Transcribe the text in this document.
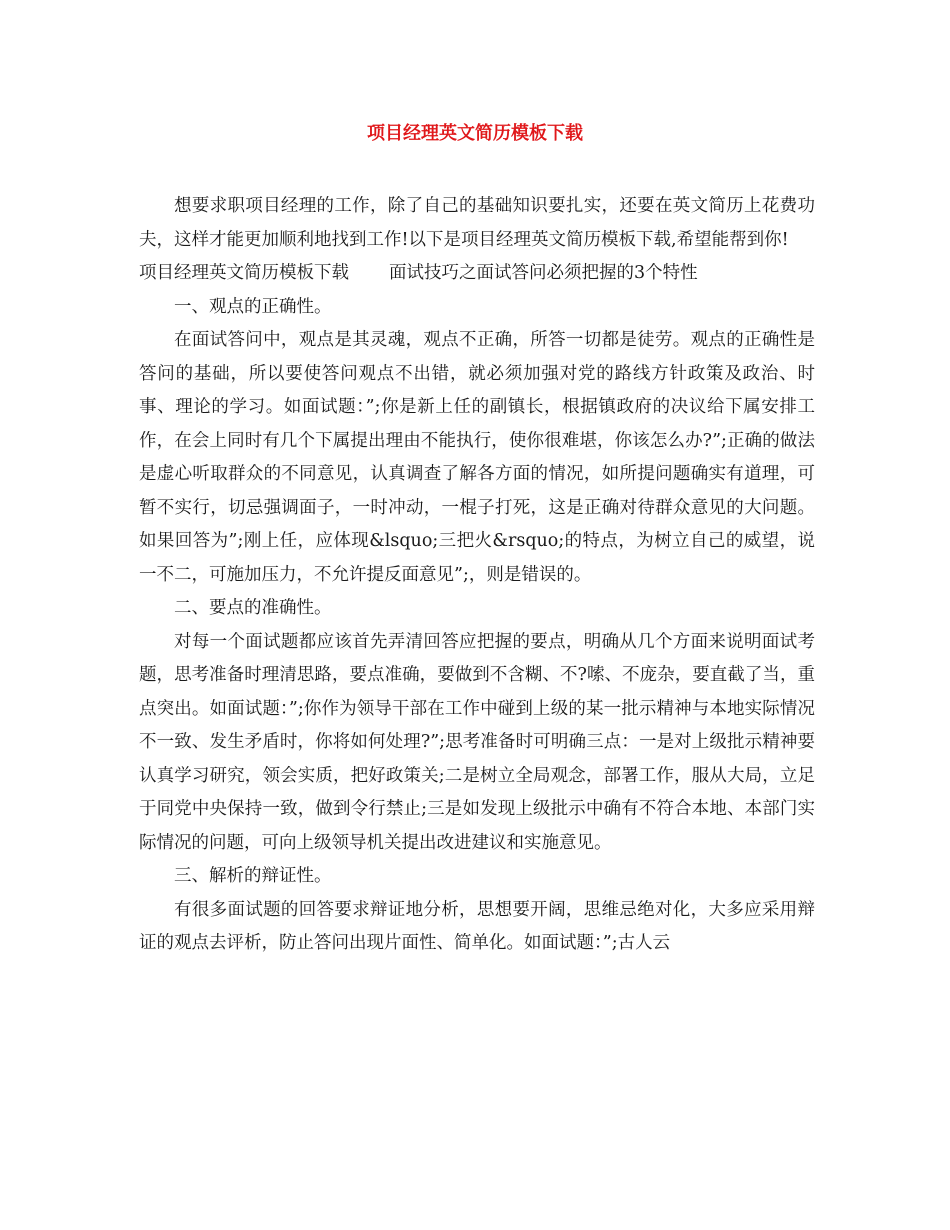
项目经理英文简历模板下载

想要求职项目经理的工作，除了自己的基础知识要扎实，还要在英文简历上花费功夫，这样才能更加顺利地找到工作!以下是项目经理英文简历模板下载,希望能帮到你!

项目经理英文简历模板下载 面试技巧之面试答问必须把握的3个特性

一、观点的正确性。

在面试答问中，观点是其灵魂，观点不正确，所答一切都是徒劳。观点的正确性是答问的基础，所以要使答问观点不出错，就必须加强对党的路线方针政策及政治、时事、理论的学习。如面试题：”;你是新上任的副镇长，根据镇政府的决议给下属安排工作，在会上同时有几个下属提出理由不能执行，使你很难堪，你该怎么办?”;正确的做法是虚心听取群众的不同意见，认真调查了解各方面的情况，如所提问题确实有道理，可暂不实行，切忌强调面子，一时冲动，一棍子打死，这是正确对待群众意见的大问题。如果回答为”;刚上任，应体现&lsquo;三把火&rsquo;的特点，为树立自己的威望，说一不二，可施加压力，不允许提反面意见”;，则是错误的。

二、要点的准确性。

对每一个面试题都应该首先弄清回答应把握的要点，明确从几个方面来说明面试考题，思考准备时理清思路，要点准确，要做到不含糊、不?嗦、不庞杂，要直截了当，重点突出。如面试题：”;你作为领导干部在工作中碰到上级的某一批示精神与本地实际情况不一致、发生矛盾时，你将如何处理?”;思考准备时可明确三点：一是对上级批示精神要认真学习研究，领会实质，把好政策关;二是树立全局观念，部署工作，服从大局，立足于同党中央保持一致，做到令行禁止;三是如发现上级批示中确有不符合本地、本部门实际情况的问题，可向上级领导机关提出改进建议和实施意见。

三、解析的辩证性。

有很多面试题的回答要求辩证地分析，思想要开阔，思维忌绝对化，大多应采用辩证的观点去评析，防止答问出现片面性、简单化。如面试题：”;古人云
